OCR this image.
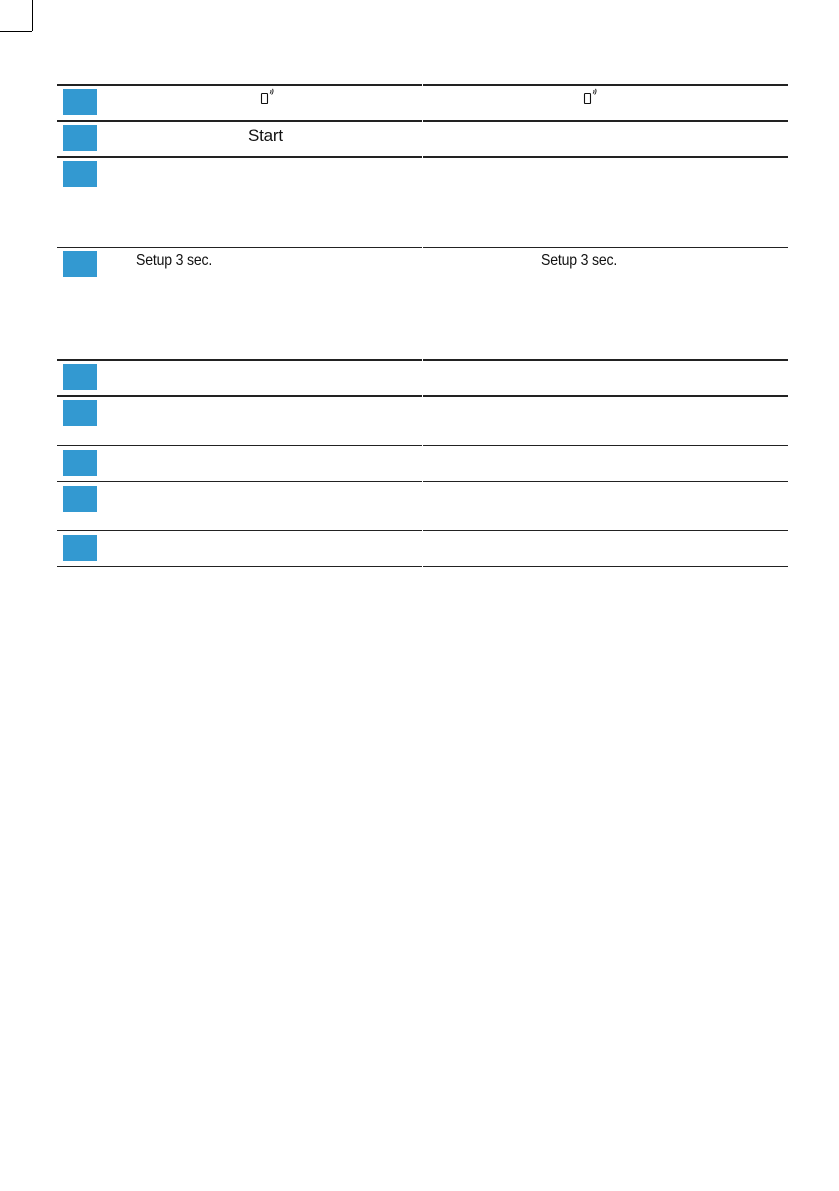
Start
Setup 3 sec.	Setup 3 sec.
